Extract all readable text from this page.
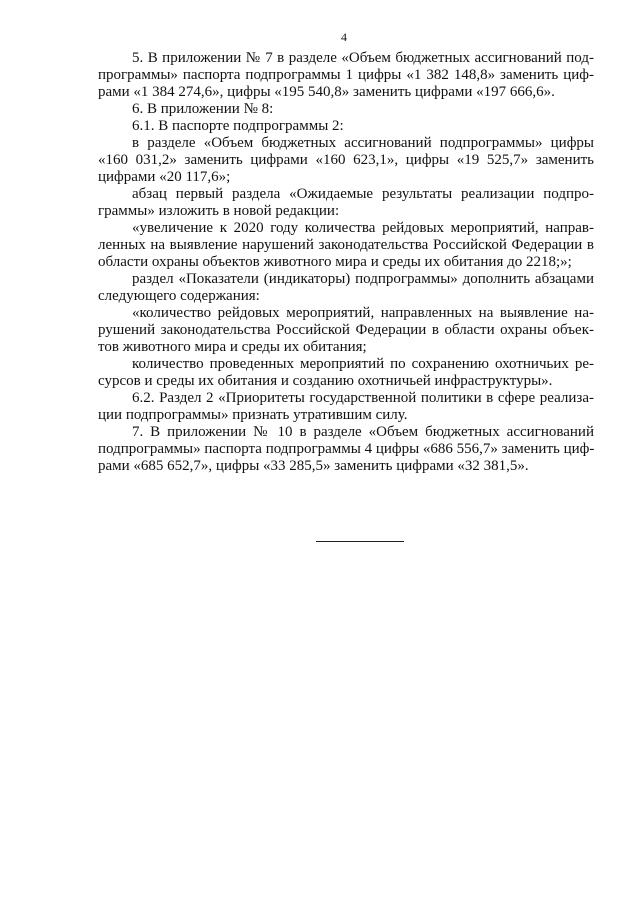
4

5. В приложении № 7 в разделе «Объем бюджетных ассигнований под-
программы» паспорта подпрограммы 1 цифры «1 382 148,8» заменить циф-
рами «1 384 274,6», цифры «195 540,8» заменить цифрами «197 666,6».

6. В приложении № 8:

6.1. В паспорте подпрограммы 2:

в разделе «Объем бюджетных ассигнований подпрограммы» цифры
«160 031,2» заменить цифрами «160 623,1», цифры «19 525,7» заменить
цифрами «20 117,6»;

абзац первый раздела «Ожидаемые результаты реализации подпро-
граммы» изложить в новой редакции:

«увеличение к 2020 году количества рейдовых мероприятий, направ-
ленных на выявление нарушений законодательства Российской Федерации в
области охраны объектов животного мира и среды их обитания до 2218;»;

раздел «Показатели (индикаторы) подпрограммы» дополнить абзацами
следующего содержания:

«количество рейдовых мероприятий, направленных на выявление на-
рушений законодательства Российской Федерации в области охраны объек-
тов животного мира и среды их обитания;

количество проведенных мероприятий по сохранению охотничьих ре-
сурсов и среды их обитания и созданию охотничьей инфраструктуры».

6.2. Раздел 2 «Приоритеты государственной политики в сфере реализа-
ции подпрограммы» признать утратившим силу.

7. В приложении № 10 в разделе «Объем бюджетных ассигнований
подпрограммы» паспорта подпрограммы 4 цифры «686 556,7» заменить циф-
рами «685 652,7», цифры «33 285,5» заменить цифрами «32 381,5».
